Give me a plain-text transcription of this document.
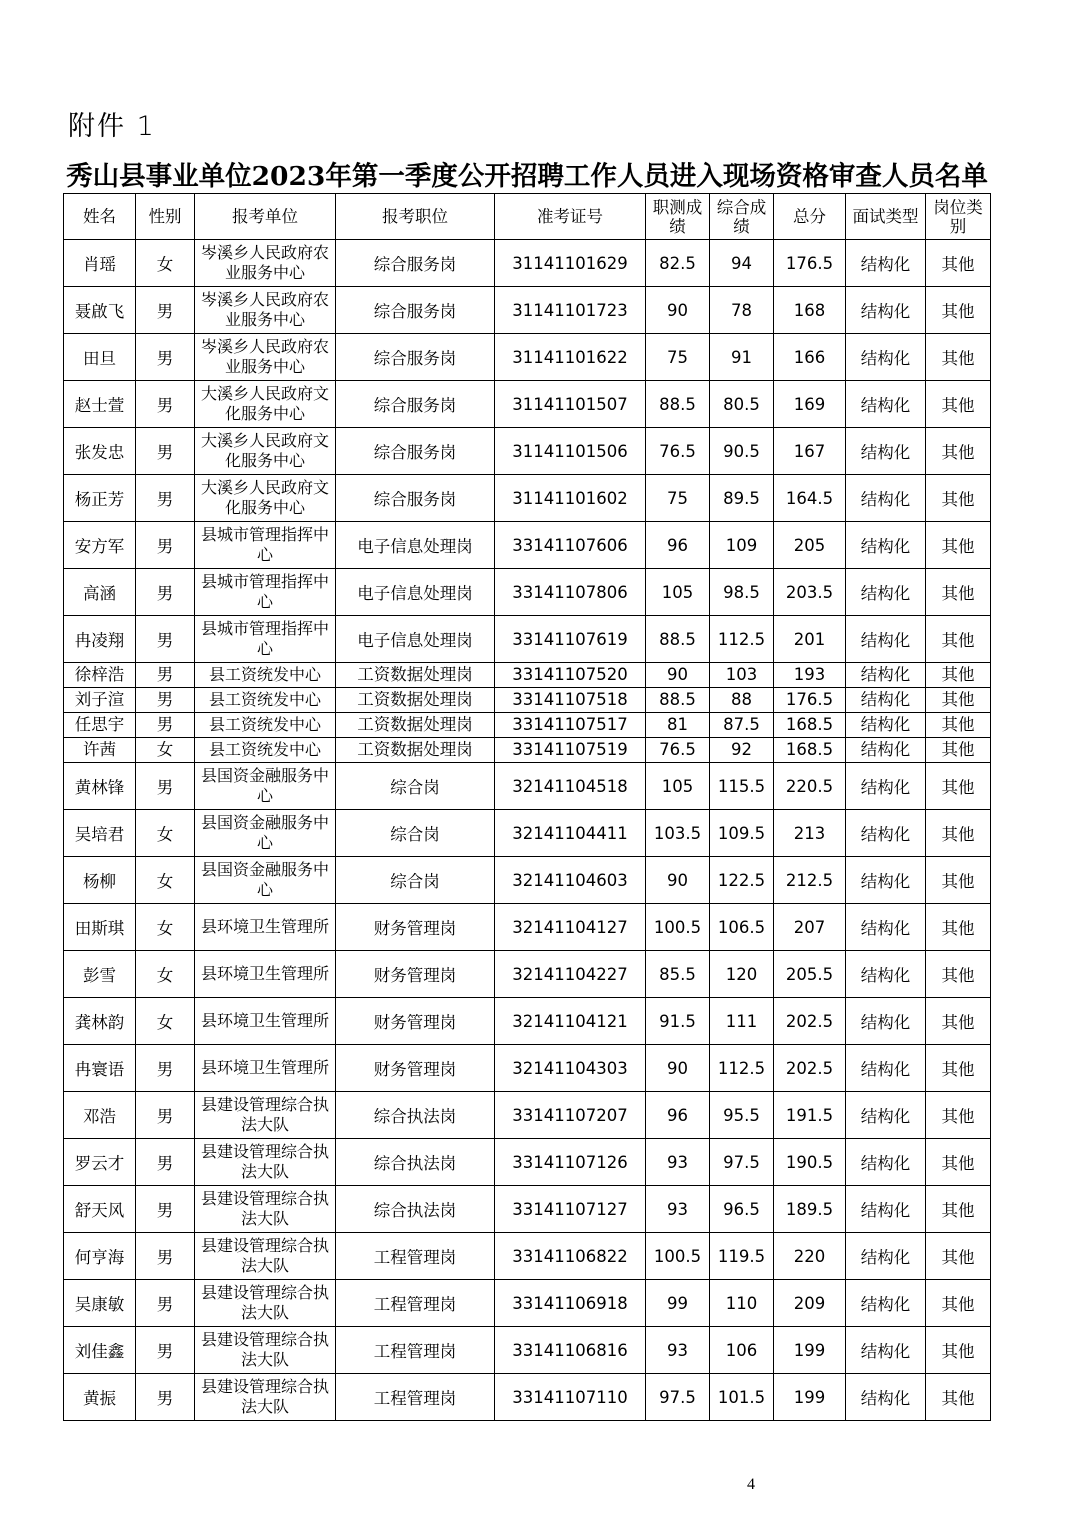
附件 1
秀山县事业单位2023年第一季度公开招聘工作人员进入现场资格审查人员名单
姓名	性别	报考单位	报考职位	准考证号	职测成绩	综合成绩	总分	面试类型	岗位类别
肖瑶	女	岑溪乡人民政府农业服务中心	综合服务岗	31141101629	82.5	94	176.5	结构化	其他
聂啟飞	男	岑溪乡人民政府农业服务中心	综合服务岗	31141101723	90	78	168	结构化	其他
田旦	男	岑溪乡人民政府农业服务中心	综合服务岗	31141101622	75	91	166	结构化	其他
赵士萱	男	大溪乡人民政府文化服务中心	综合服务岗	31141101507	88.5	80.5	169	结构化	其他
张发忠	男	大溪乡人民政府文化服务中心	综合服务岗	31141101506	76.5	90.5	167	结构化	其他
杨正芳	男	大溪乡人民政府文化服务中心	综合服务岗	31141101602	75	89.5	164.5	结构化	其他
安方军	男	县城市管理指挥中心	电子信息处理岗	33141107606	96	109	205	结构化	其他
高涵	男	县城市管理指挥中心	电子信息处理岗	33141107806	105	98.5	203.5	结构化	其他
冉凌翔	男	县城市管理指挥中心	电子信息处理岗	33141107619	88.5	112.5	201	结构化	其他
徐梓浩	男	县工资统发中心	工资数据处理岗	33141107520	90	103	193	结构化	其他
刘子渲	男	县工资统发中心	工资数据处理岗	33141107518	88.5	88	176.5	结构化	其他
任思宇	男	县工资统发中心	工资数据处理岗	33141107517	81	87.5	168.5	结构化	其他
许茜	女	县工资统发中心	工资数据处理岗	33141107519	76.5	92	168.5	结构化	其他
黄林锋	男	县国资金融服务中心	综合岗	32141104518	105	115.5	220.5	结构化	其他
吴培君	女	县国资金融服务中心	综合岗	32141104411	103.5	109.5	213	结构化	其他
杨柳	女	县国资金融服务中心	综合岗	32141104603	90	122.5	212.5	结构化	其他
田斯琪	女	县环境卫生管理所	财务管理岗	32141104127	100.5	106.5	207	结构化	其他
彭雪	女	县环境卫生管理所	财务管理岗	32141104227	85.5	120	205.5	结构化	其他
龚林韵	女	县环境卫生管理所	财务管理岗	32141104121	91.5	111	202.5	结构化	其他
冉寰语	男	县环境卫生管理所	财务管理岗	32141104303	90	112.5	202.5	结构化	其他
邓浩	男	县建设管理综合执法大队	综合执法岗	33141107207	96	95.5	191.5	结构化	其他
罗云才	男	县建设管理综合执法大队	综合执法岗	33141107126	93	97.5	190.5	结构化	其他
舒天风	男	县建设管理综合执法大队	综合执法岗	33141107127	93	96.5	189.5	结构化	其他
何亨海	男	县建设管理综合执法大队	工程管理岗	33141106822	100.5	119.5	220	结构化	其他
吴康敏	男	县建设管理综合执法大队	工程管理岗	33141106918	99	110	209	结构化	其他
刘佳鑫	男	县建设管理综合执法大队	工程管理岗	33141106816	93	106	199	结构化	其他
黄振	男	县建设管理综合执法大队	工程管理岗	33141107110	97.5	101.5	199	结构化	其他
4
